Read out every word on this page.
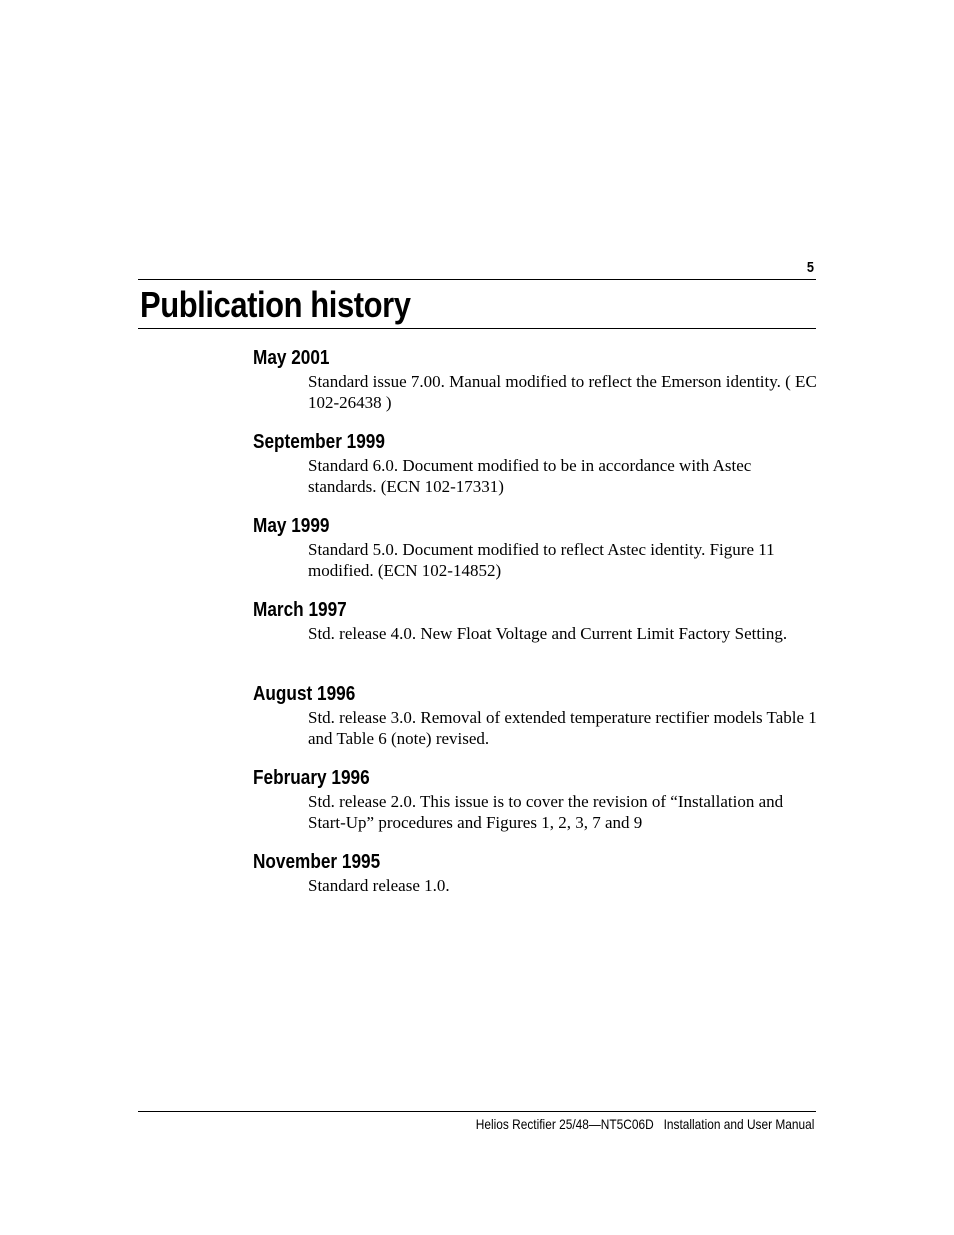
5
Publication history
May 2001
Standard issue 7.00. Manual modified to reflect the Emerson identity. ( EC 102-26438 )
September 1999
Standard 6.0. Document modified to be in accordance with Astec standards. (ECN 102-17331)
May 1999
Standard 5.0. Document modified to reflect Astec identity. Figure 11 modified. (ECN 102-14852)
March 1997
Std. release 4.0. New Float Voltage and Current Limit Factory Setting.
August 1996
Std. release 3.0. Removal of extended temperature rectifier models Table 1 and Table 6 (note) revised.
February 1996
Std. release 2.0. This issue is to cover the revision of “Installation and Start-Up” procedures and Figures 1, 2, 3, 7 and 9
November 1995
Standard release 1.0.
Helios Rectifier 25/48—NT5C06D   Installation and User Manual
